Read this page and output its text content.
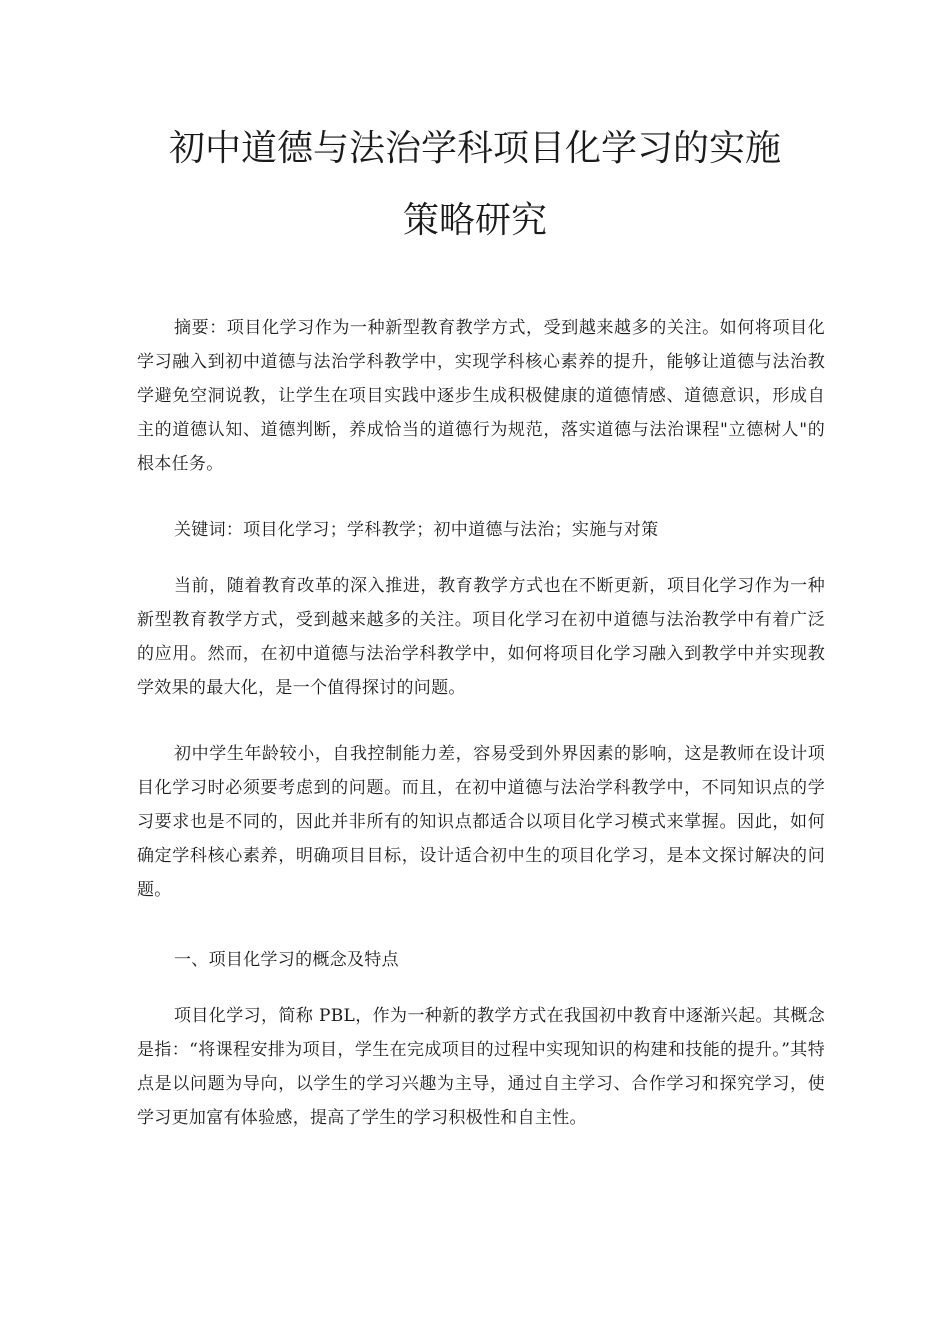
初中道德与法治学科项目化学习的实施
策略研究

摘要：项目化学习作为一种新型教育教学方式，受到越来越多的关注。如何将项目化学习融入到初中道德与法治学科教学中，实现学科核心素养的提升，能够让道德与法治教学避免空洞说教，让学生在项目实践中逐步生成积极健康的道德情感、道德意识，形成自主的道德认知、道德判断，养成恰当的道德行为规范，落实道德与法治课程"立德树人"的根本任务。

关键词：项目化学习；学科教学；初中道德与法治；实施与对策

当前，随着教育改革的深入推进，教育教学方式也在不断更新，项目化学习作为一种新型教育教学方式，受到越来越多的关注。项目化学习在初中道德与法治教学中有着广泛的应用。然而，在初中道德与法治学科教学中，如何将项目化学习融入到教学中并实现教学效果的最大化，是一个值得探讨的问题。

初中学生年龄较小，自我控制能力差，容易受到外界因素的影响，这是教师在设计项目化学习时必须要考虑到的问题。而且，在初中道德与法治学科教学中，不同知识点的学习要求也是不同的，因此并非所有的知识点都适合以项目化学习模式来掌握。因此，如何确定学科核心素养，明确项目目标，设计适合初中生的项目化学习，是本文探讨解决的问题。

一、项目化学习的概念及特点

项目化学习，简称 PBL，作为一种新的教学方式在我国初中教育中逐渐兴起。其概念是指：“将课程安排为项目，学生在完成项目的过程中实现知识的构建和技能的提升。”其特点是以问题为导向，以学生的学习兴趣为主导，通过自主学习、合作学习和探究学习，使学习更加富有体验感，提高了学生的学习积极性和自主性。
